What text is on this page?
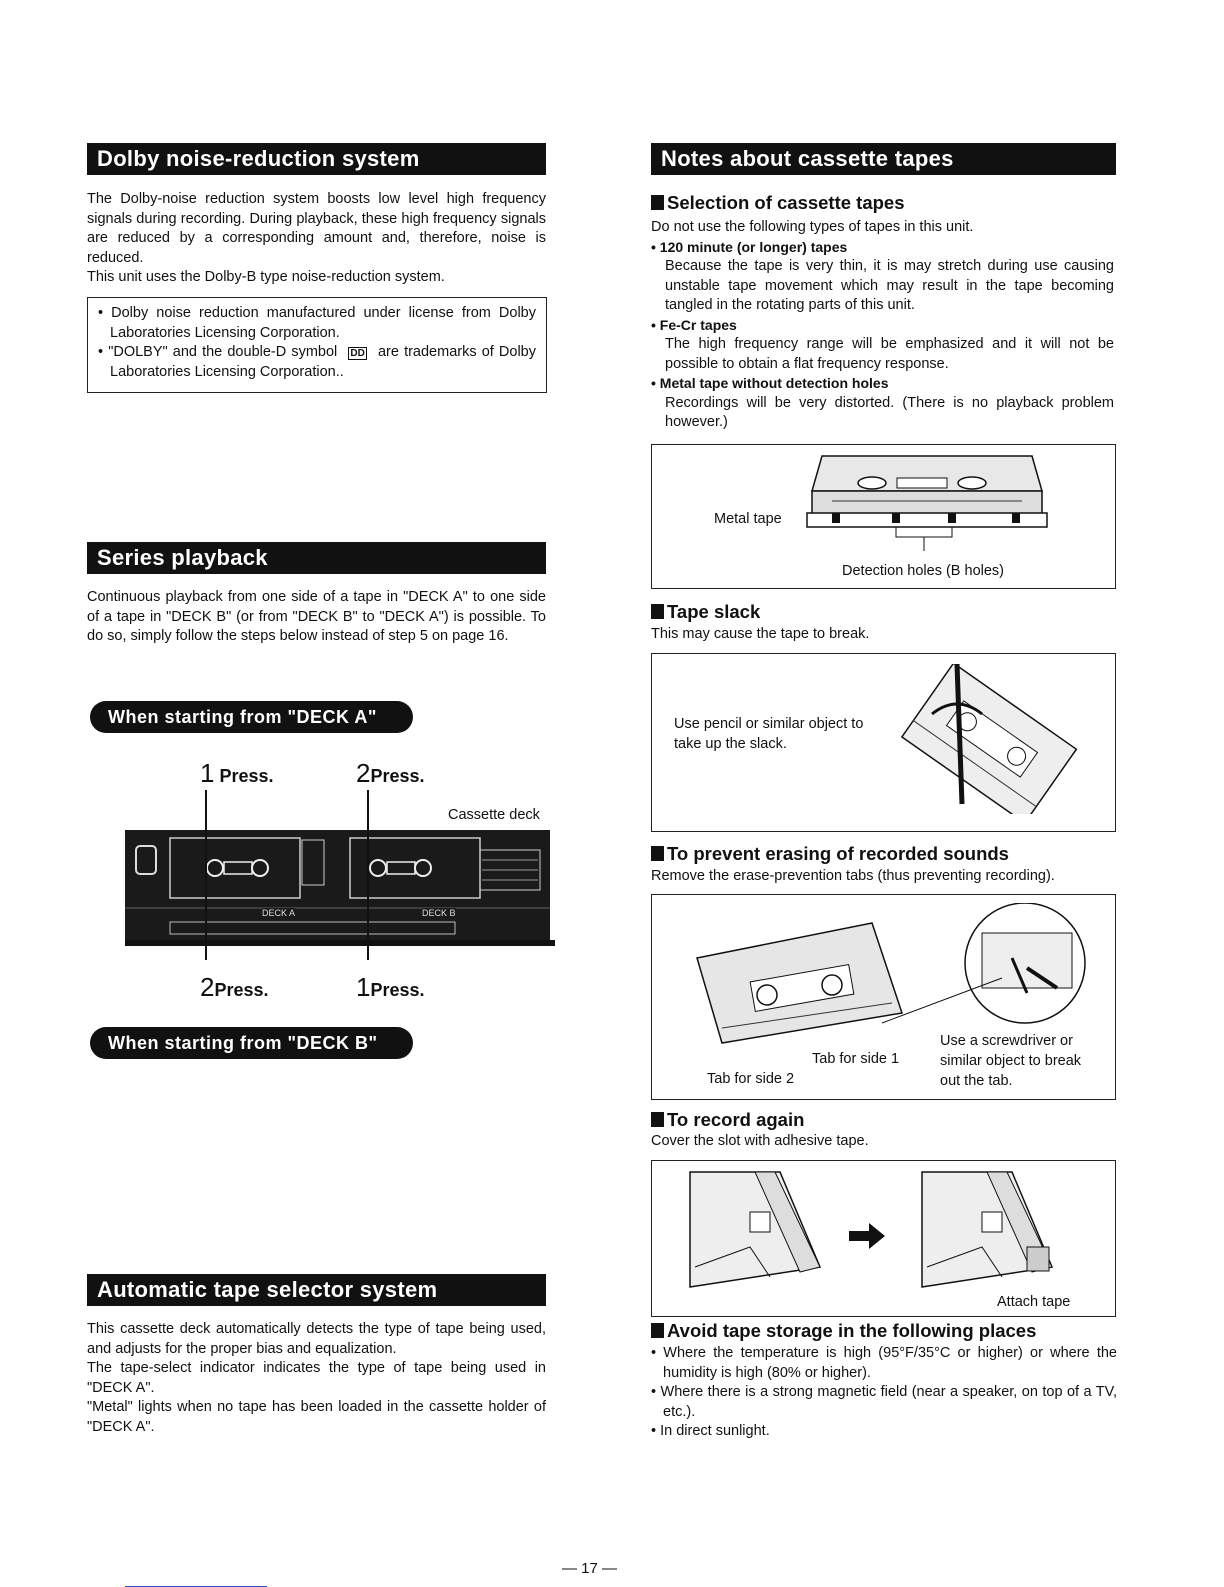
Dolby noise-reduction system

The Dolby-noise reduction system boosts low level high frequency signals during recording. During playback, these high frequency signals are reduced by a corresponding amount and, therefore, noise is reduced.

This unit uses the Dolby-B type noise-reduction system.

• Dolby noise reduction manufactured under license from Dolby Laboratories Licensing Corporation.

• "DOLBY" and the double-D symbol DD are trademarks of Dolby Laboratories Licensing Corporation..

Series playback

Continuous playback from one side of a tape in "DECK A" to one side of a tape in "DECK B" (or from "DECK B" to "DECK A") is possible. To do so, simply follow the steps below instead of step 5 on page 16.

When starting from "DECK A"
1 Press.	2Press.
Cassette deck
DECK A	DECK B
2Press.	1Press.
When starting from "DECK B"
Automatic tape selector system

This cassette deck automatically detects the type of tape being used, and adjusts for the proper bias and equalization.

The tape-select indicator indicates the type of tape being used in "DECK A".

"Metal" lights when no tape has been loaded in the cassette holder of "DECK A".

Notes about cassette tapes
Selection of cassette tapes

Do not use the following types of tapes in this unit.

• 120 minute (or longer) tapes

Because the tape is very thin, it is may stretch during use causing unstable tape movement which may result in the tape becoming tangled in the rotating parts of this unit.

• Fe-Cr tapes

The high frequency range will be emphasized and it will not be possible to obtain a flat frequency response.

• Metal tape without detection holes

Recordings will be very distorted. (There is no playback problem however.)

Metal tape
Detection holes (B holes)
Tape slack
This may cause the tape to break.
Use pencil or similar object to take up the slack.
To prevent erasing of recorded sounds
Remove the erase-prevention tabs (thus preventing recording).
Tab for side 1
Tab for side 2
Use a screwdriver or similar object to break out the tab.
To record again
Cover the slot with adhesive tape.
Attach tape
Avoid tape storage in the following places

• Where the temperature is high (95°F/35°C or higher) or where the humidity is high (80% or higher).

• Where there is a strong magnetic field (near a speaker, on top of a TV, etc.).

• In direct sunlight.

— 17 —
